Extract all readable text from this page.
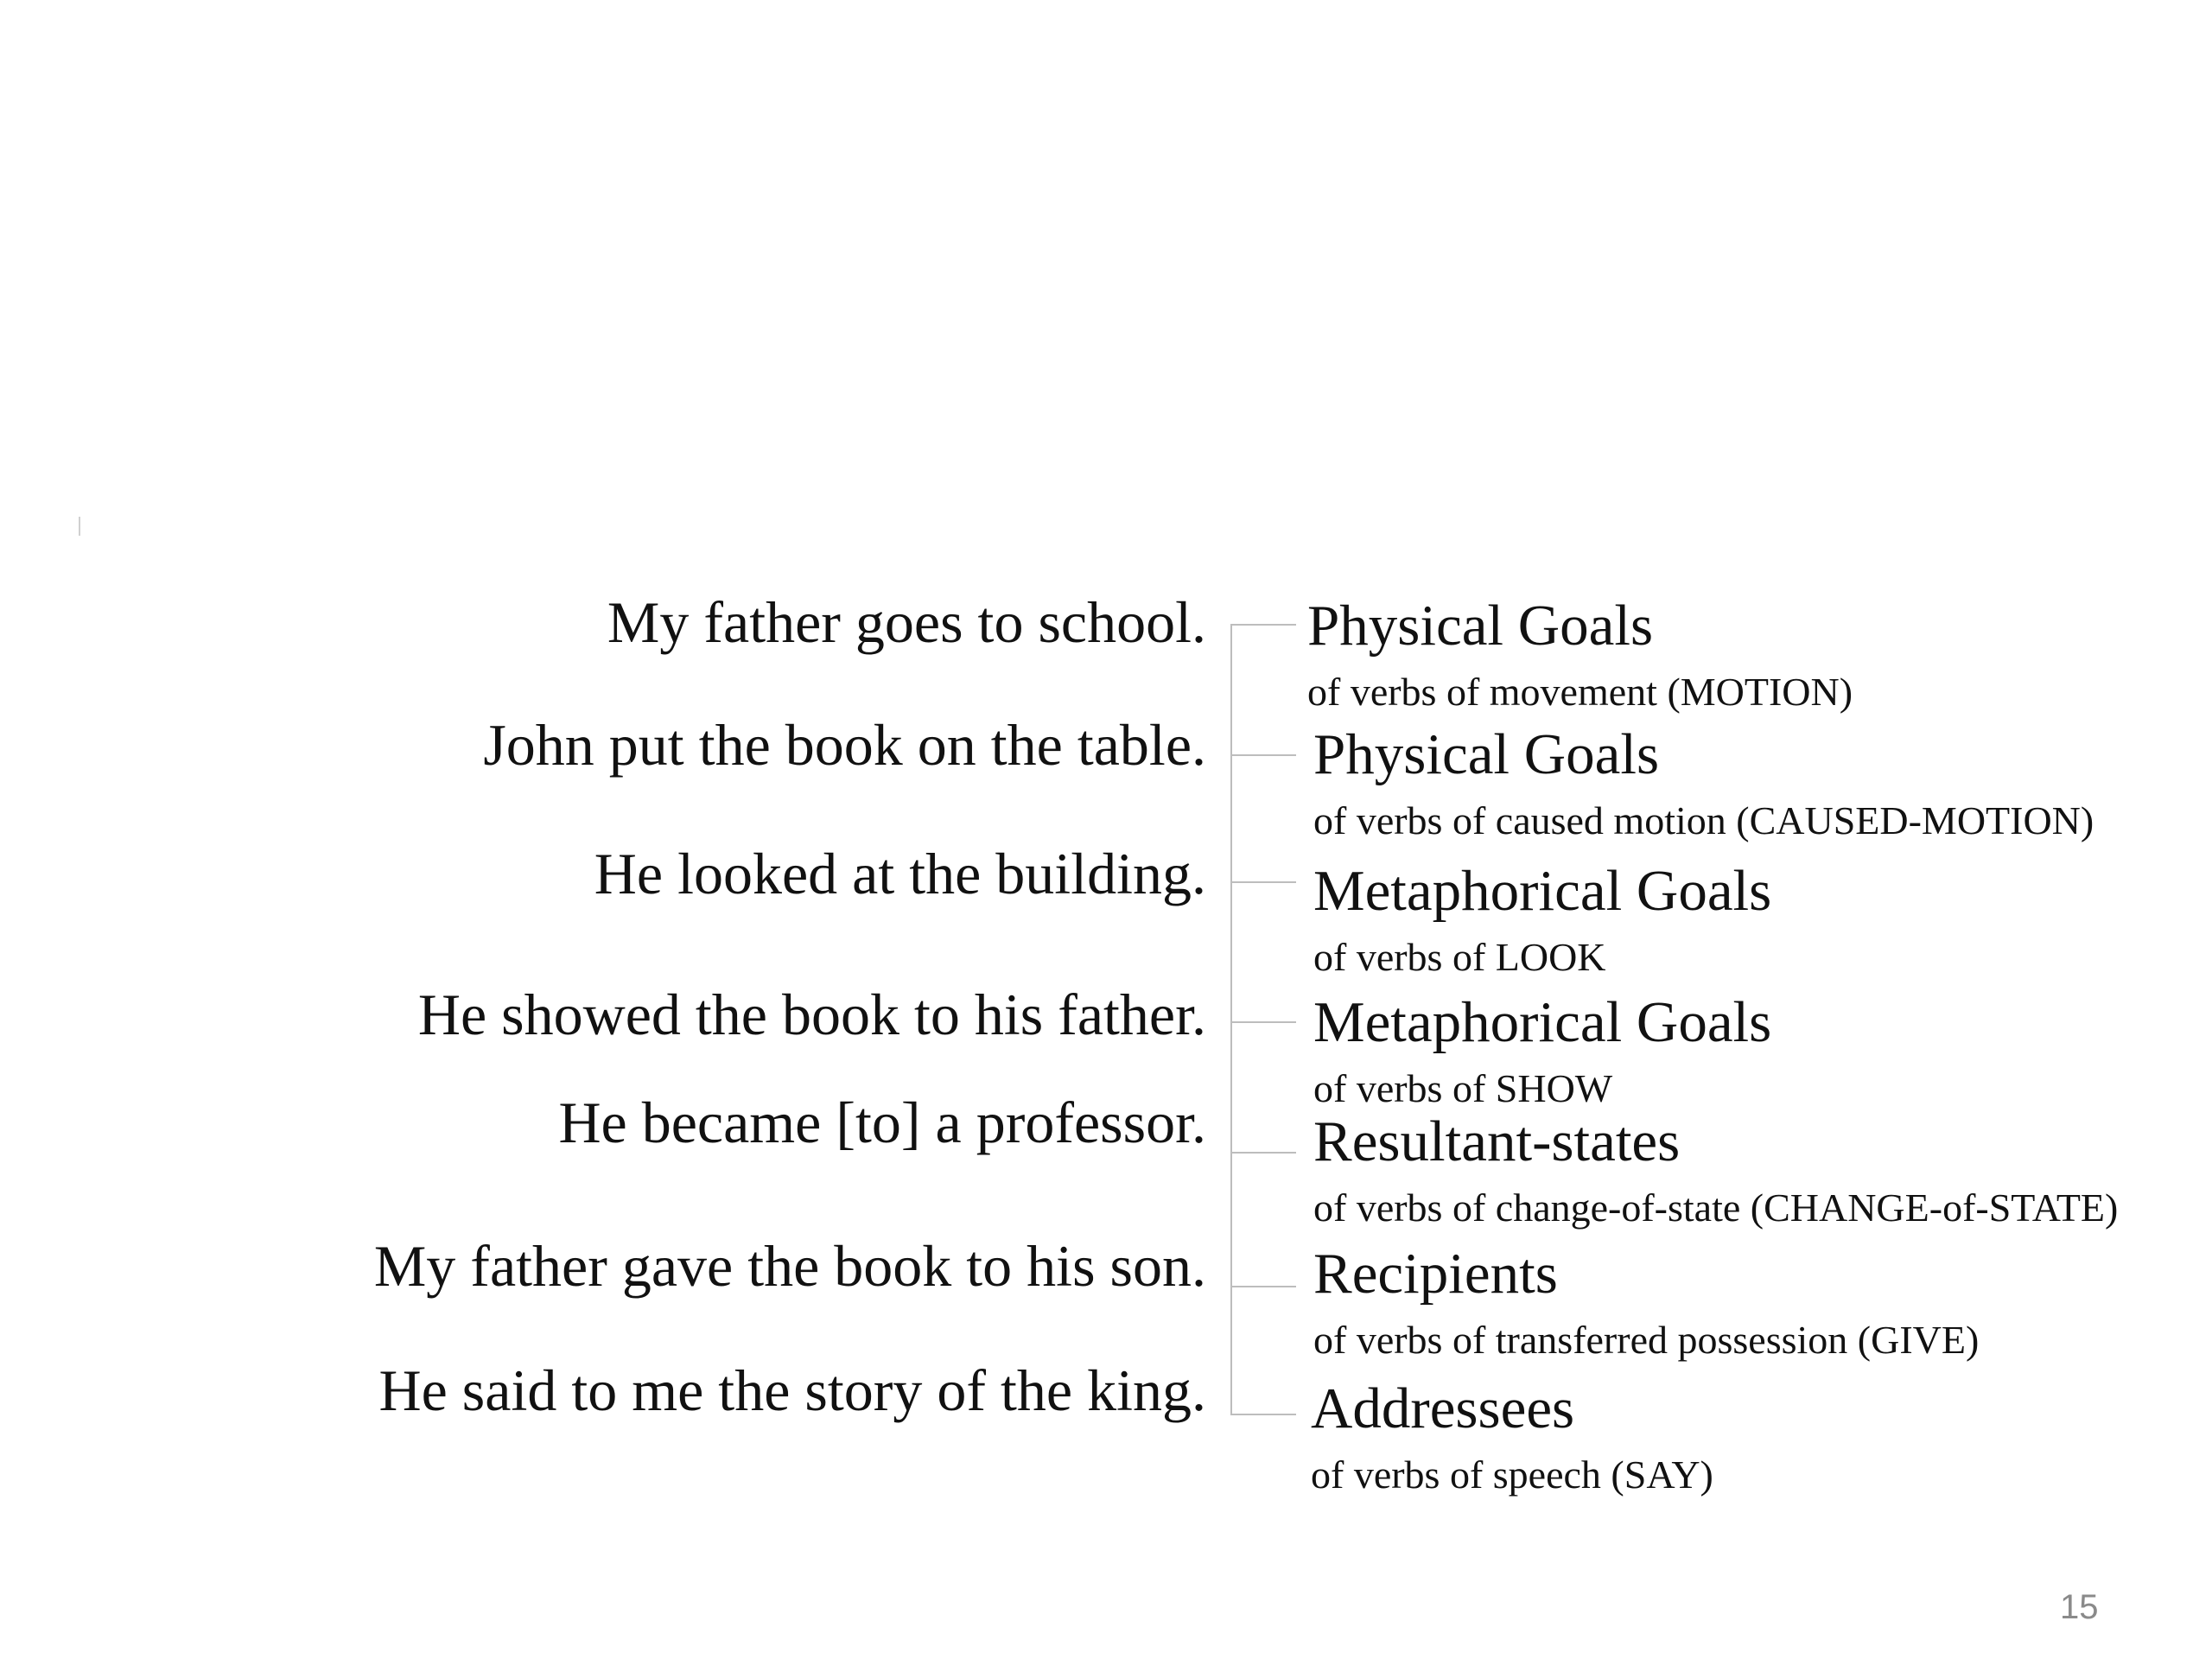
My father goes to school.
John put the book on the table.
He looked at the building.
He showed the book to his father.
He became [to] a professor.
My father gave the book to his son.
He said to me the story of the king.
Physical Goals
of verbs of movement (MOTION)
Physical Goals
of verbs of caused motion (CAUSED-MOTION)
Metaphorical Goals
of verbs of LOOK
Metaphorical Goals
of verbs of SHOW
Resultant-states
of verbs of change-of-state (CHANGE-of-STATE)
Recipients
of verbs of transferred possession (GIVE)
Addressees
of verbs of speech (SAY)
15
